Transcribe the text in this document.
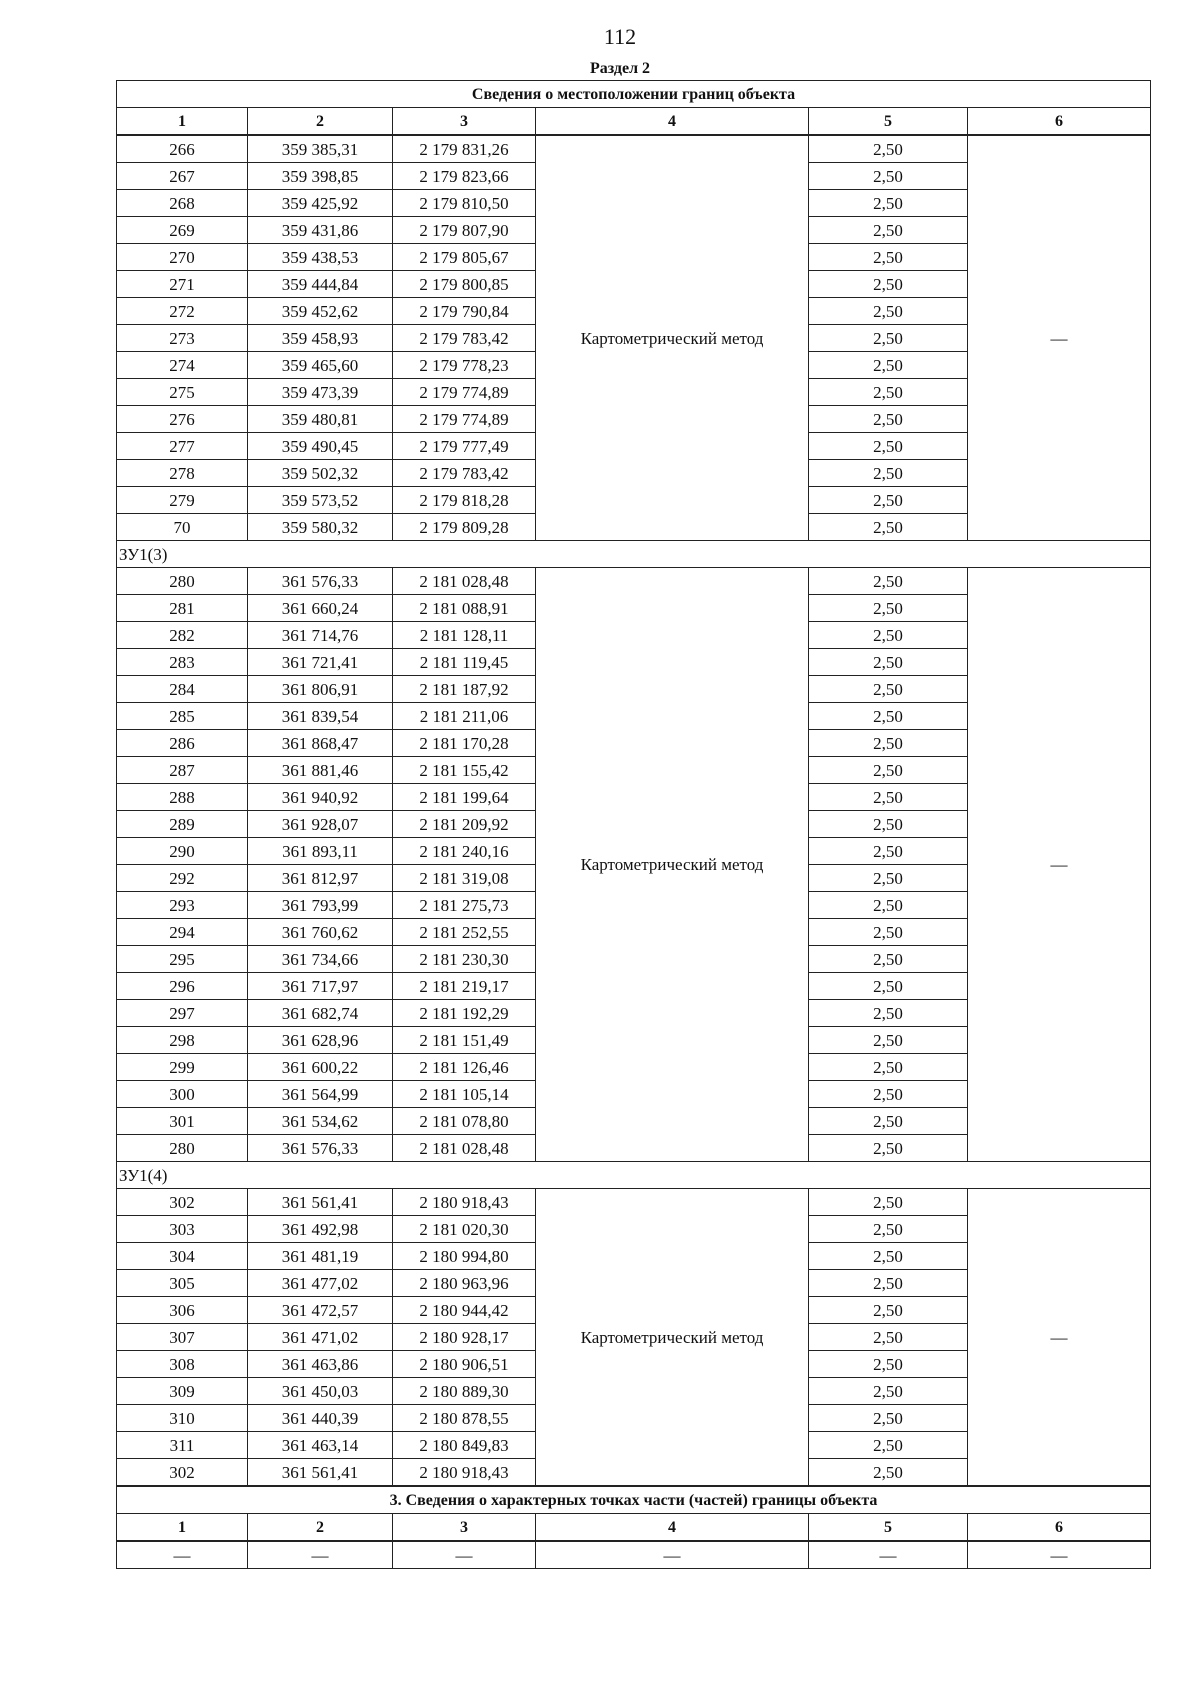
112
Раздел 2
Сведения о местоположении границ объекта					
1	2	3	4	5	6
266	359 385,31	2 179 831,26	Картометрический метод	2,50	—
267	359 398,85	2 179 823,66		2,50	
268	359 425,92	2 179 810,50		2,50	
269	359 431,86	2 179 807,90		2,50	
270	359 438,53	2 179 805,67		2,50	
271	359 444,84	2 179 800,85		2,50	
272	359 452,62	2 179 790,84		2,50	
273	359 458,93	2 179 783,42		2,50	
274	359 465,60	2 179 778,23		2,50	
275	359 473,39	2 179 774,89		2,50	
276	359 480,81	2 179 774,89		2,50	
277	359 490,45	2 179 777,49		2,50	
278	359 502,32	2 179 783,42		2,50	
279	359 573,52	2 179 818,28		2,50	
70	359 580,32	2 179 809,28		2,50	
ЗУ1(3)					
280	361 576,33	2 181 028,48	Картометрический метод	2,50	—
281	361 660,24	2 181 088,91		2,50	
282	361 714,76	2 181 128,11		2,50	
283	361 721,41	2 181 119,45		2,50	
284	361 806,91	2 181 187,92		2,50	
285	361 839,54	2 181 211,06		2,50	
286	361 868,47	2 181 170,28		2,50	
287	361 881,46	2 181 155,42		2,50	
288	361 940,92	2 181 199,64		2,50	
289	361 928,07	2 181 209,92		2,50	
290	361 893,11	2 181 240,16		2,50	
292	361 812,97	2 181 319,08		2,50	
293	361 793,99	2 181 275,73		2,50	
294	361 760,62	2 181 252,55		2,50	
295	361 734,66	2 181 230,30		2,50	
296	361 717,97	2 181 219,17		2,50	
297	361 682,74	2 181 192,29		2,50	
298	361 628,96	2 181 151,49		2,50	
299	361 600,22	2 181 126,46		2,50	
300	361 564,99	2 181 105,14		2,50	
301	361 534,62	2 181 078,80		2,50	
280	361 576,33	2 181 028,48		2,50	
ЗУ1(4)					
302	361 561,41	2 180 918,43	Картометрический метод	2,50	—
303	361 492,98	2 181 020,30		2,50	
304	361 481,19	2 180 994,80		2,50	
305	361 477,02	2 180 963,96		2,50	
306	361 472,57	2 180 944,42		2,50	
307	361 471,02	2 180 928,17		2,50	
308	361 463,86	2 180 906,51		2,50	
309	361 450,03	2 180 889,30		2,50	
310	361 440,39	2 180 878,55		2,50	
311	361 463,14	2 180 849,83		2,50	
302	361 561,41	2 180 918,43		2,50	
3. Сведения о характерных точках части (частей) границы объекта					
1	2	3	4	5	6
—	—	—	—	—	—
